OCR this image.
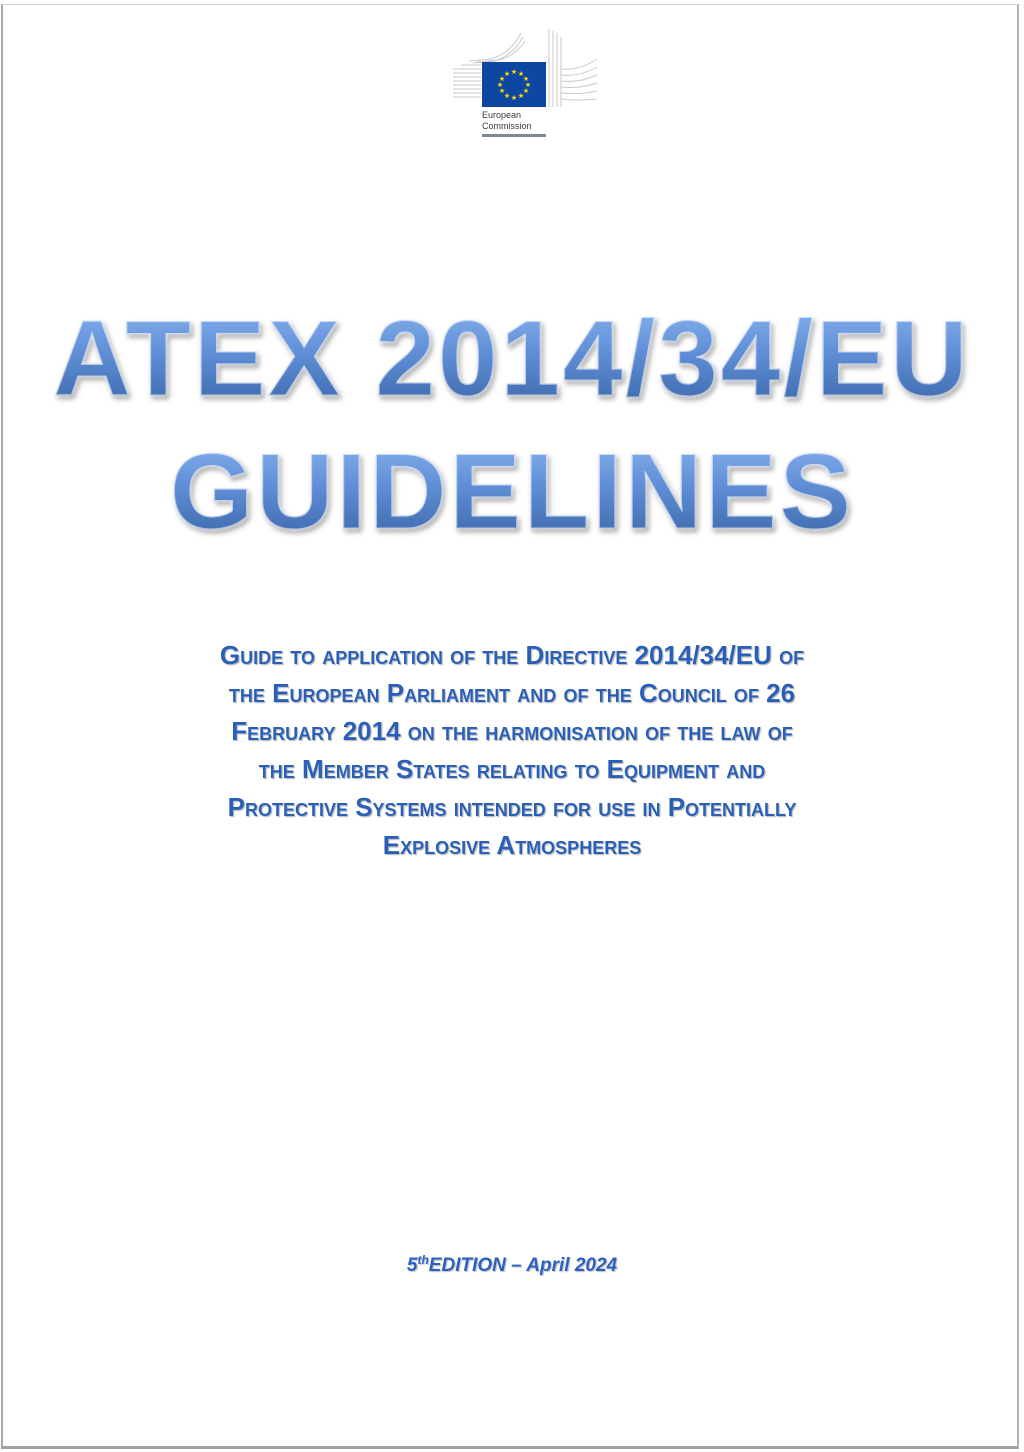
★ ★
★
★
★
★
★
★
★
★
★
★
European
Commission
ATEX 2014/34/EU
GUIDELINES
Guide to application of the Directive 2014/34/EU of
the European Parliament and of the Council of 26
February 2014 on the harmonisation of the law of
the Member States relating to Equipment and
Protective Systems intended for use in Potentially
Explosive Atmospheres
5thEDITION – April 2024
